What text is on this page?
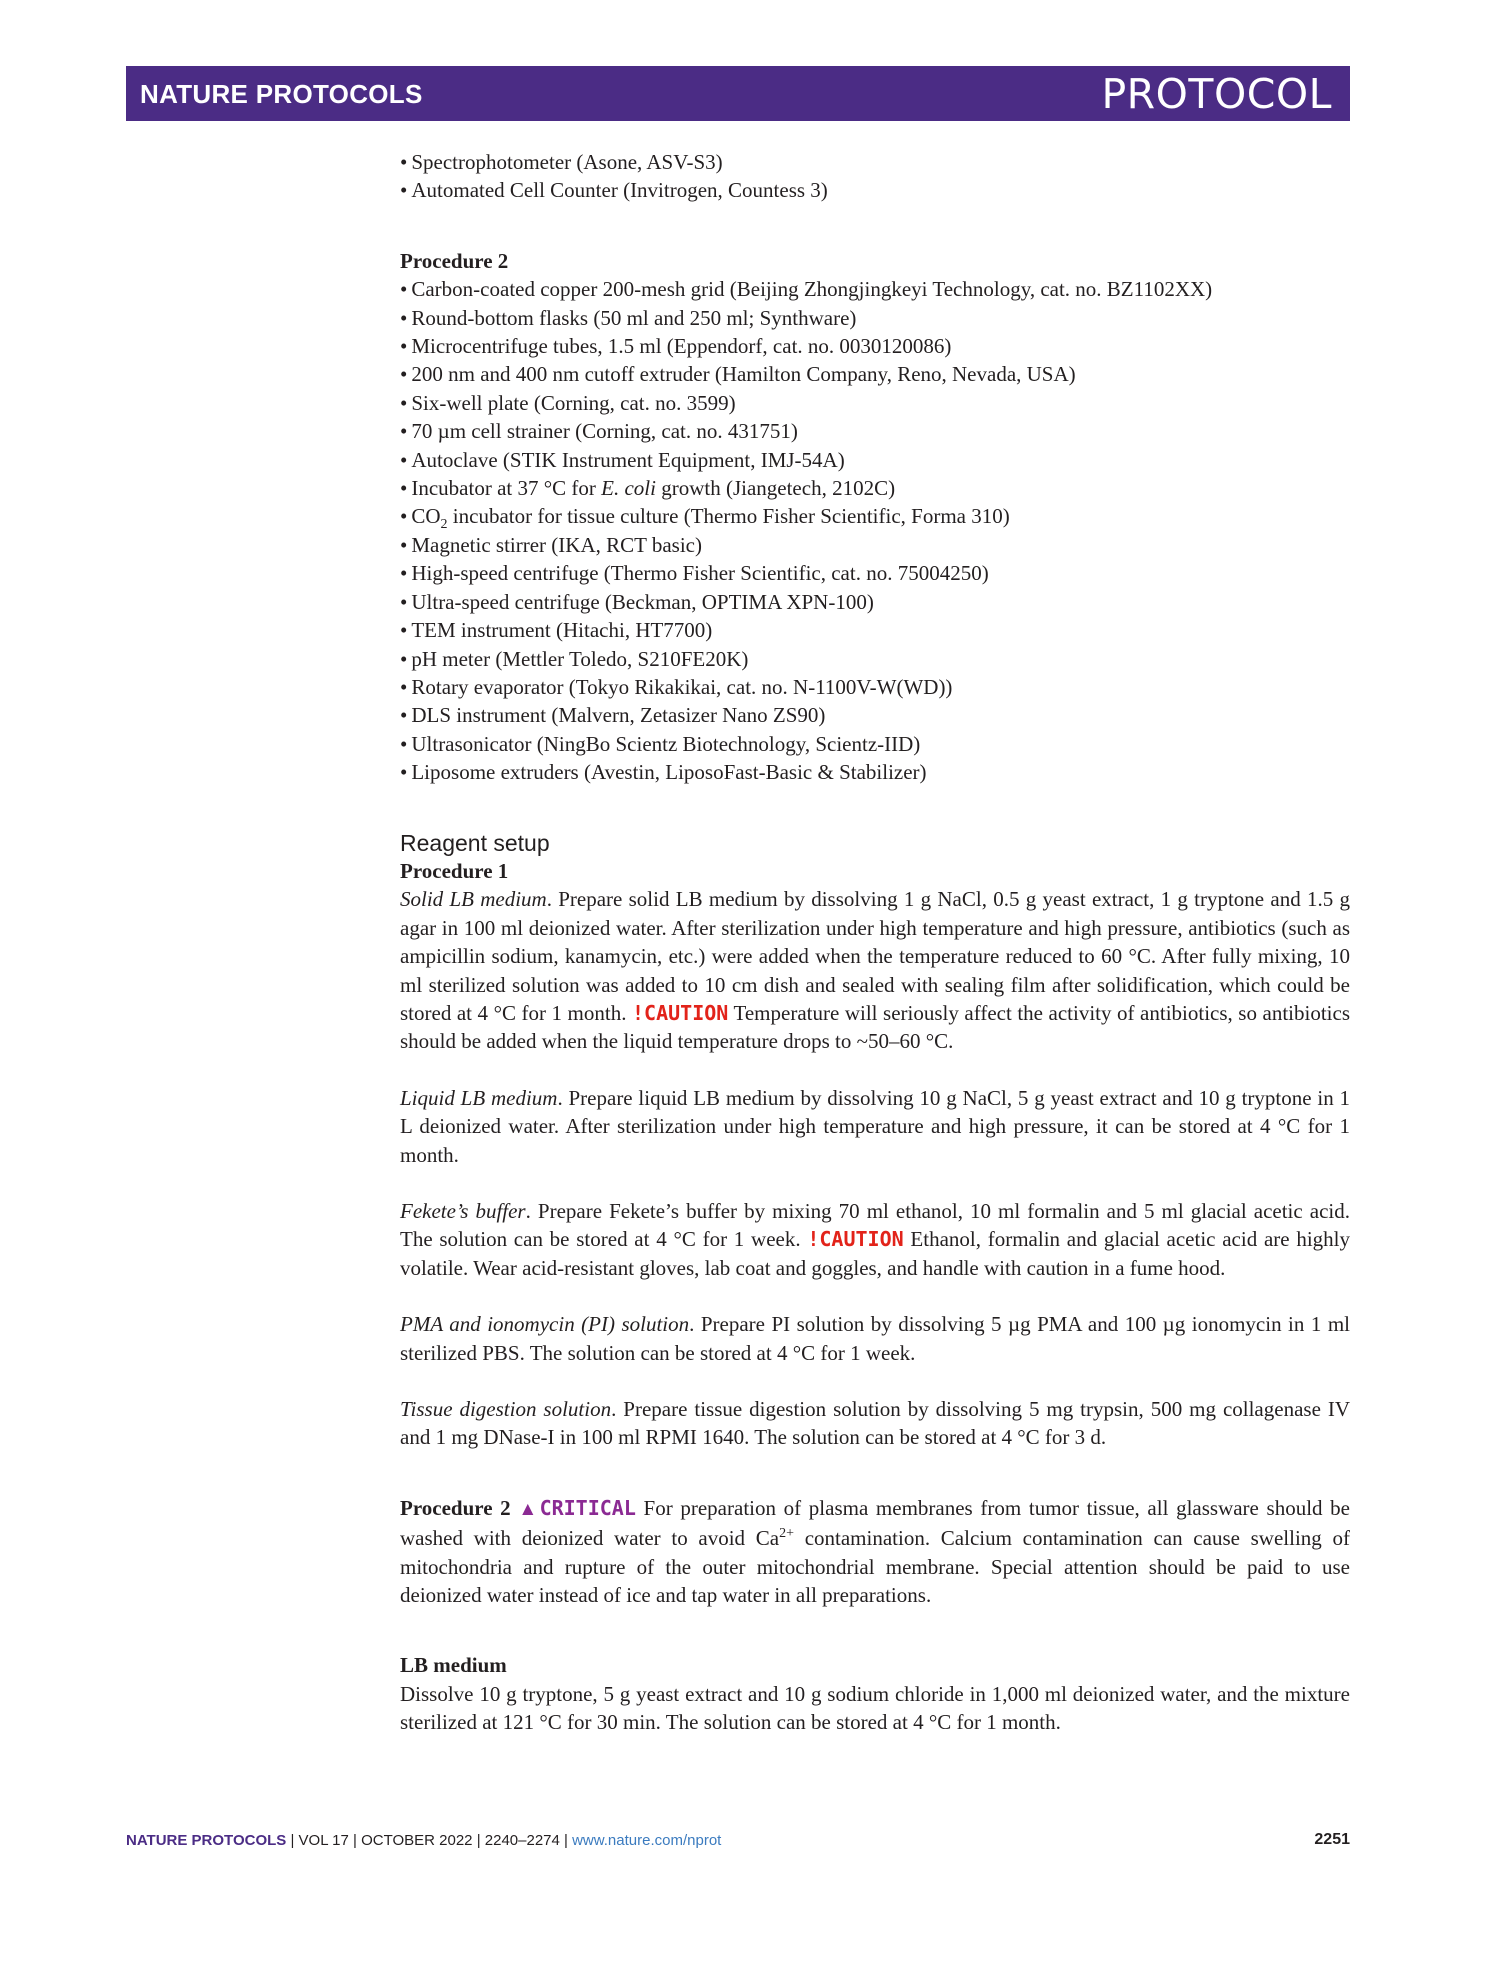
NATURE PROTOCOLS	PROTOCOL
• Spectrophotometer (Asone, ASV-S3)
• Automated Cell Counter (Invitrogen, Countess 3)
Procedure 2
• Carbon-coated copper 200-mesh grid (Beijing Zhongjingkeyi Technology, cat. no. BZ1102XX)
• Round-bottom flasks (50 ml and 250 ml; Synthware)
• Microcentrifuge tubes, 1.5 ml (Eppendorf, cat. no. 0030120086)
• 200 nm and 400 nm cutoff extruder (Hamilton Company, Reno, Nevada, USA)
• Six-well plate (Corning, cat. no. 3599)
• 70 µm cell strainer (Corning, cat. no. 431751)
• Autoclave (STIK Instrument Equipment, IMJ-54A)
• Incubator at 37 °C for E. coli growth (Jiangetech, 2102C)
• $CO_2$ incubator for tissue culture (Thermo Fisher Scientific, Forma 310)
• Magnetic stirrer (IKA, RCT basic)
• High-speed centrifuge (Thermo Fisher Scientific, cat. no. 75004250)
• Ultra-speed centrifuge (Beckman, OPTIMA XPN-100)
• TEM instrument (Hitachi, HT7700)
• pH meter (Mettler Toledo, S210FE20K)
• Rotary evaporator (Tokyo Rikakikai, cat. no. N-1100V-W(WD))
• DLS instrument (Malvern, Zetasizer Nano ZS90)
• Ultrasonicator (NingBo Scientz Biotechnology, Scientz-IID)
• Liposome extruders (Avestin, LiposoFast-Basic & Stabilizer)
Reagent setup
Procedure 1

Solid LB medium. Prepare solid LB medium by dissolving 1 g NaCl, 0.5 g yeast extract, 1 g tryptone and 1.5 g agar in 100 ml deionized water. After sterilization under high temperature and high pressure, antibiotics (such as ampicillin sodium, kanamycin, etc.) were added when the temperature reduced to 60 °C. After fully mixing, 10 ml sterilized solution was added to 10 cm dish and sealed with sealing film after solidification, which could be stored at 4 °C for 1 month. !CAUTION Temperature will seriously affect the activity of antibiotics, so antibiotics should be added when the liquid temperature drops to ~50–60 °C.

Liquid LB medium. Prepare liquid LB medium by dissolving 10 g NaCl, 5 g yeast extract and 10 g tryptone in 1 L deionized water. After sterilization under high temperature and high pressure, it can be stored at 4 °C for 1 month.

Fekete’s buffer. Prepare Fekete’s buffer by mixing 70 ml ethanol, 10 ml formalin and 5 ml glacial acetic acid. The solution can be stored at 4 °C for 1 week. !CAUTION Ethanol, formalin and glacial acetic acid are highly volatile. Wear acid-resistant gloves, lab coat and goggles, and handle with caution in a fume hood.

PMA and ionomycin (PI) solution. Prepare PI solution by dissolving 5 µg PMA and 100 µg ionomycin in 1 ml sterilized PBS. The solution can be stored at 4 °C for 1 week.

Tissue digestion solution. Prepare tissue digestion solution by dissolving 5 mg trypsin, 500 mg collagenase IV and 1 mg DNase-I in 100 ml RPMI 1640. The solution can be stored at 4 °C for 3 d.

Procedure 2 ▲CRITICAL For preparation of plasma membranes from tumor tissue, all glassware should be washed with deionized water to avoid $Ca^{2+}$ contamination. Calcium contamination can cause swelling of mitochondria and rupture of the outer mitochondrial membrane. Special attention should be paid to use deionized water instead of ice and tap water in all preparations.

LB medium

Dissolve 10 g tryptone, 5 g yeast extract and 10 g sodium chloride in 1,000 ml deionized water, and the mixture sterilized at 121 °C for 30 min. The solution can be stored at 4 °C for 1 month.

NATURE PROTOCOLS | VOL 17 | OCTOBER 2022 | 2240–2274 | www.nature.com/nprot	2251
